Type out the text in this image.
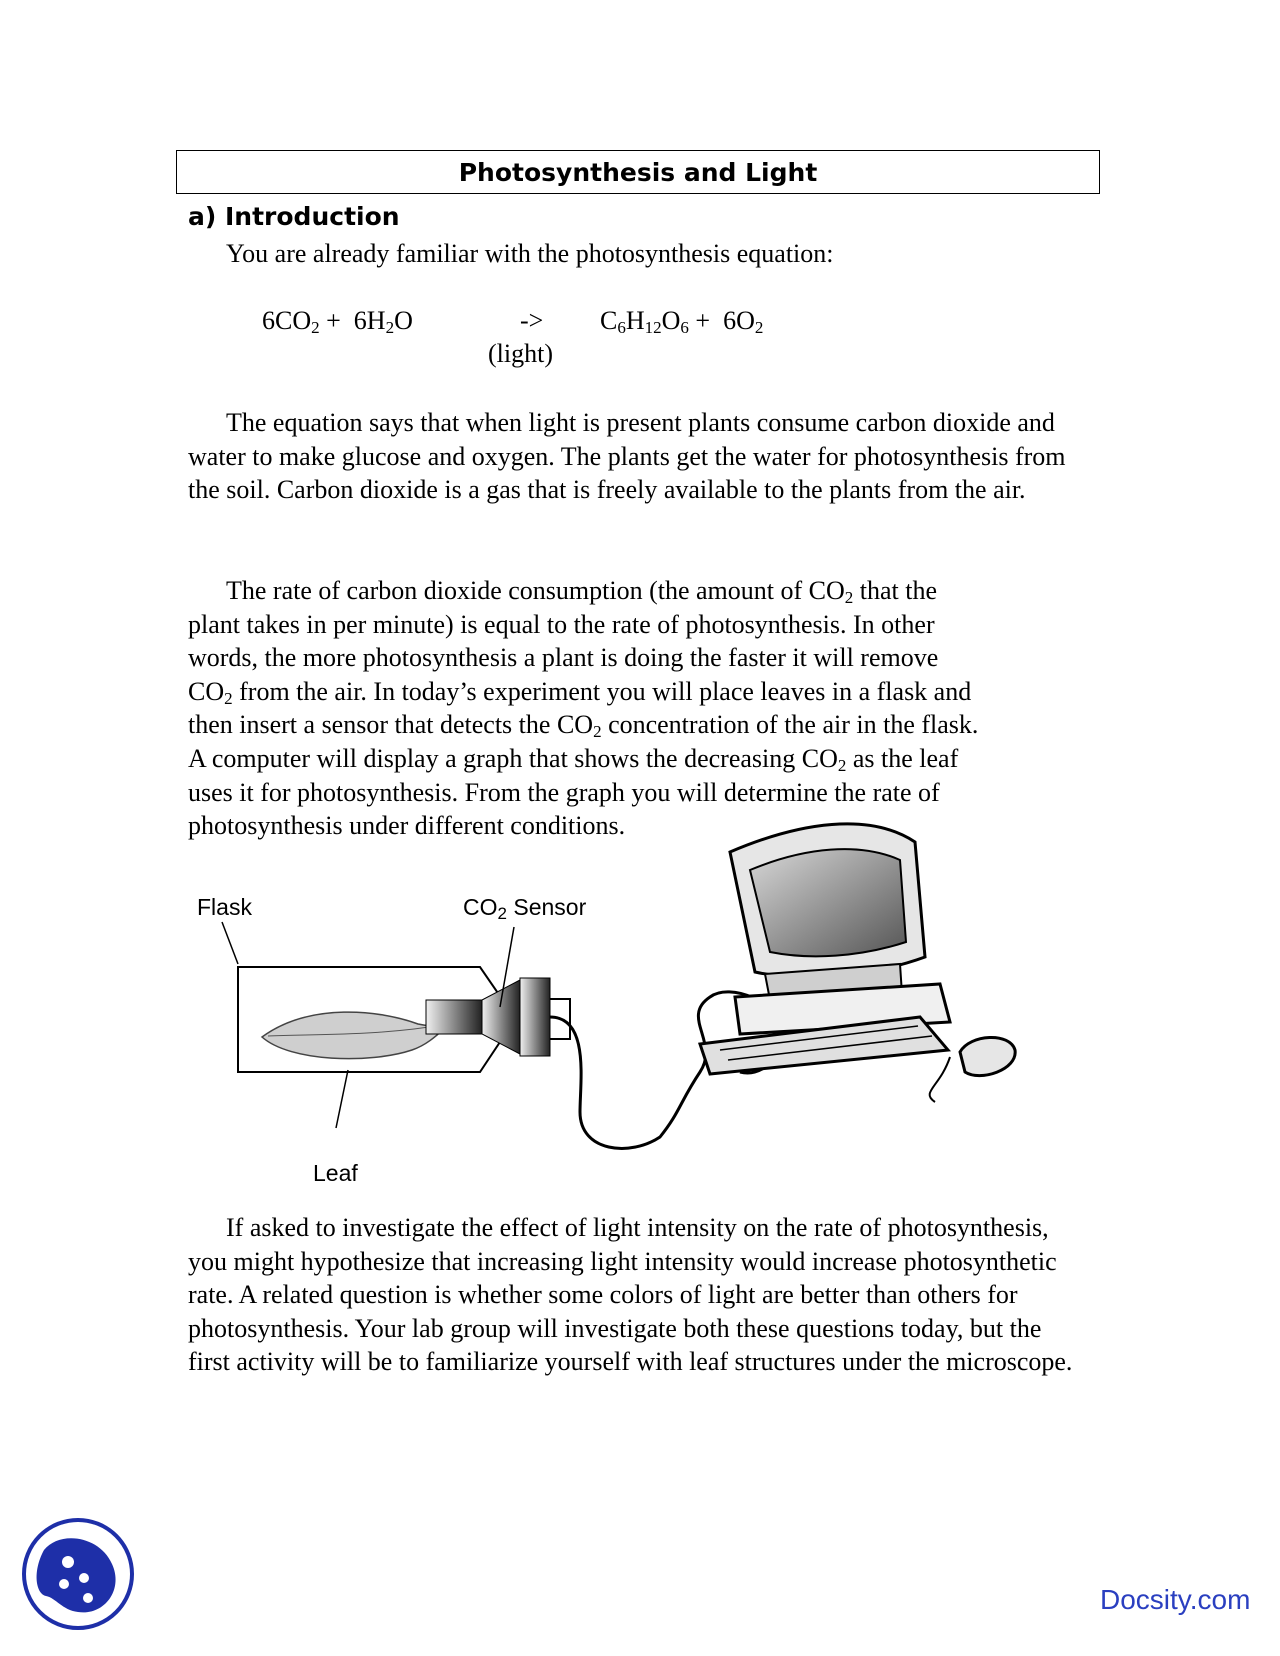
Photosynthesis and Light
a) Introduction
You are already familiar with the photosynthesis equation:
$6CO_2 + 6H_2O$	->
(light)
$C_6H_{12}O_6 + 6O_2$

The equation says that when light is present plants consume carbon dioxide and water to make glucose and oxygen. The plants get the water for photosynthesis from the soil. Carbon dioxide is a gas that is freely available to the plants from the air.

The rate of carbon dioxide consumption (the amount of $CO_2$ that the
plant takes in per minute) is equal to the rate of photosynthesis. In other
words, the more photosynthesis a plant is doing the faster it will remove
$CO_2$ from the air. In today’s experiment you will place leaves in a flask and
then insert a sensor that detects the $CO_2$ concentration of the air in the flask.
A computer will display a graph that shows the decreasing $CO_2$ as the leaf
uses it for photosynthesis. From the graph you will determine the rate of
photosynthesis under different conditions.
Flask	$CO_2$ Sensor
Leaf

If asked to investigate the effect of light intensity on the rate of photosynthesis, you might hypothesize that increasing light intensity would increase photosynthetic rate. A related question is whether some colors of light are better than others for photosynthesis. Your lab group will investigate both these questions today, but the first activity will be to familiarize yourself with leaf structures under the microscope.

Docsity.com
